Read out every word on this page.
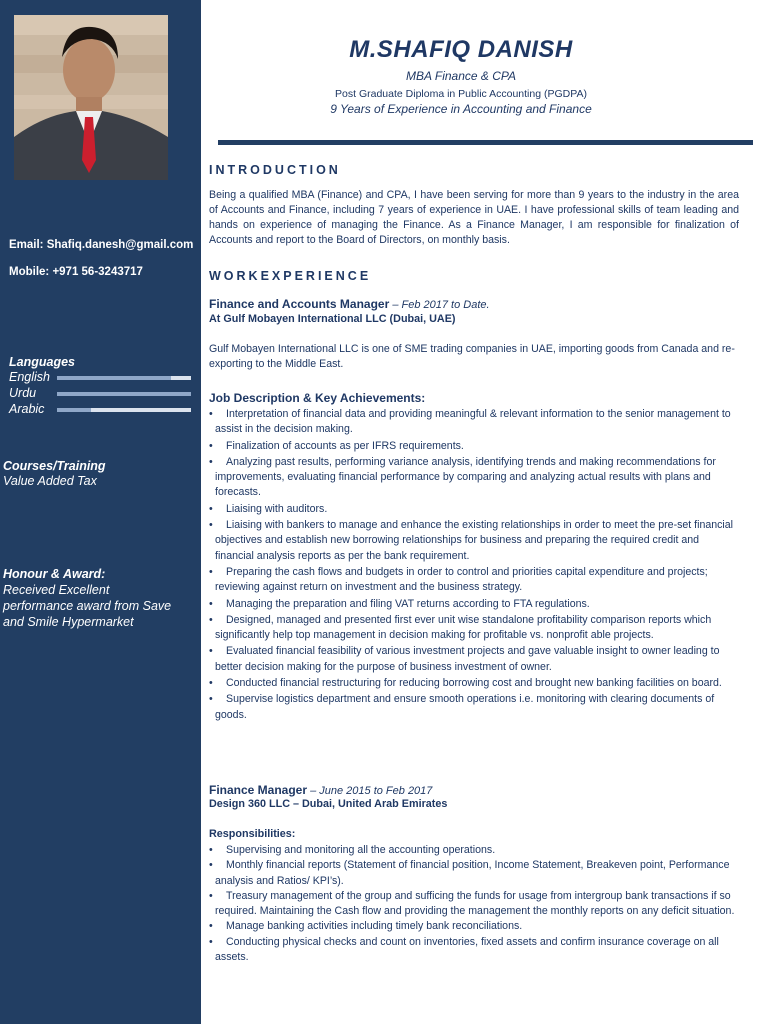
Email: Shafiq.danesh@gmail.com
Mobile: +971 56-3243717
Languages
English
Urdu
Arabic
Courses/Training
Value Added Tax
Honour & Award:
Received Excellent
performance award from Save
and Smile Hypermarket
M.SHAFIQ DANISH
MBA Finance & CPA
Post Graduate Diploma in Public Accounting (PGDPA)
9 Years of Experience in Accounting and Finance
INTRODUCTION
Being a qualified MBA (Finance) and CPA, I have been serving for more than 9 years to the industry in the area of Accounts and Finance, including 7 years of experience in UAE. I have professional skills of team leading and hands on experience of managing the Finance. As a Finance Manager, I am responsible for finalization of Accounts and report to the Board of Directors, on monthly basis.
WORKEXPERIENCE
Finance and Accounts Manager – Feb 2017 to Date.
At Gulf Mobayen International LLC (Dubai, UAE)
Gulf Mobayen International LLC is one of SME trading companies in UAE, importing goods from Canada and re-exporting to the Middle East.
Job Description & Key Achievements:
• Interpretation of financial data and providing meaningful & relevant information to the senior management to assist in the decision making.
• Finalization of accounts as per IFRS requirements.
• Analyzing past results, performing variance analysis, identifying trends and making recommendations for improvements, evaluating financial performance by comparing and analyzing actual results with plans and forecasts.
• Liaising with auditors.
• Liaising with bankers to manage and enhance the existing relationships in order to meet the pre-set financial objectives and establish new borrowing relationships for business and preparing the required credit and financial analysis reports as per the bank requirement.
• Preparing the cash flows and budgets in order to control and priorities capital expenditure and projects; reviewing against return on investment and the business strategy.
• Managing the preparation and filing VAT returns according to FTA regulations.
• Designed, managed and presented first ever unit wise standalone profitability comparison reports which significantly help top management in decision making for profitable vs. nonprofit able projects.
• Evaluated financial feasibility of various investment projects and gave valuable insight to owner leading to better decision making for the purpose of business investment of owner.
• Conducted financial restructuring for reducing borrowing cost and brought new banking facilities on board.
• Supervise logistics department and ensure smooth operations i.e. monitoring with clearing documents of goods.
Finance Manager – June 2015 to Feb 2017
Design 360 LLC – Dubai, United Arab Emirates
Responsibilities:
• Supervising and monitoring all the accounting operations.
• Monthly financial reports (Statement of financial position, Income Statement, Breakeven point, Performance analysis and Ratios/ KPI’s).
• Treasury management of the group and sufficing the funds for usage from intergroup bank transactions if so required. Maintaining the Cash flow and providing the management the monthly reports on any deficit situation.
• Manage banking activities including timely bank reconciliations.
• Conducting physical checks and count on inventories, fixed assets and confirm insurance coverage on all assets.
